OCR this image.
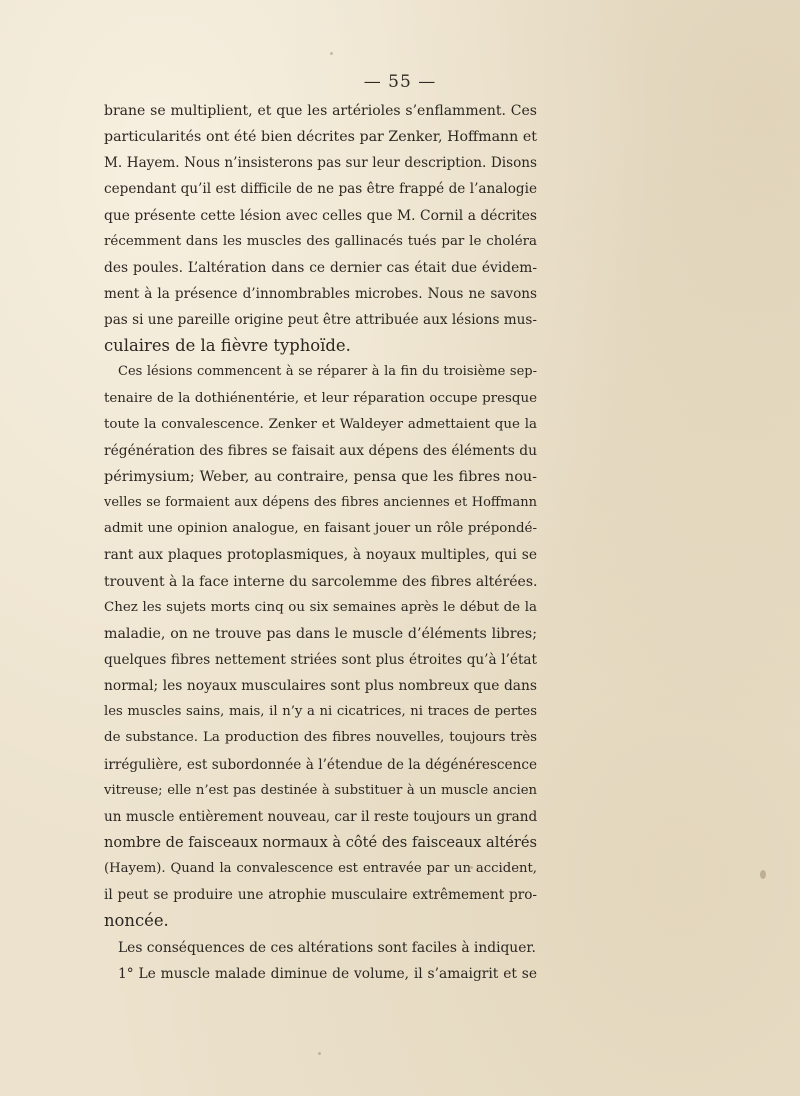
— 55 —
brane se multiplient, et que les artérioles s’enflamment. Ces
particularités ont été bien décrites par Zenker, Hoffmann et
M. Hayem. Nous n’insisterons pas sur leur description. Disons
cependant qu’il est difficile de ne pas être frappé de l’analogie
que présente cette lésion avec celles que M. Cornil a décrites
récemment dans les muscles des gallinacés tués par le choléra
des poules. L’altération dans ce dernier cas était due évidem-
ment à la présence d’innombrables microbes. Nous ne savons
pas si une pareille origine peut être attribuée aux lésions mus-
culaires de la fièvre typhoïde.
Ces lésions commencent à se réparer à la fin du troisième sep-
tenaire de la dothiénentérie, et leur réparation occupe presque
toute la convalescence. Zenker et Waldeyer admettaient que la
régénération des fibres se faisait aux dépens des éléments du
périmysium; Weber, au contraire, pensa que les fibres nou-
velles se formaient aux dépens des fibres anciennes et Hoffmann
admit une opinion analogue, en faisant jouer un rôle prépondé-
rant aux plaques protoplasmiques, à noyaux multiples, qui se
trouvent à la face interne du sarcolemme des fibres altérées.
Chez les sujets morts cinq ou six semaines après le début de la
maladie, on ne trouve pas dans le muscle d’éléments libres;
quelques fibres nettement striées sont plus étroites qu’à l’état
normal; les noyaux musculaires sont plus nombreux que dans
les muscles sains, mais, il n’y a ni cicatrices, ni traces de pertes
de substance. La production des fibres nouvelles, toujours très
irrégulière, est subordonnée à l’étendue de la dégénérescence
vitreuse; elle n’est pas destinée à substituer à un muscle ancien
un muscle entièrement nouveau, car il reste toujours un grand
nombre de faisceaux normaux à côté des faisceaux altérés
(Hayem). Quand la convalescence est entravée par un accident,
il peut se produire une atrophie musculaire extrêmement pro-
noncée.
Les conséquences de ces altérations sont faciles à indiquer.
1° Le muscle malade diminue de volume, il s’amaigrit et se
